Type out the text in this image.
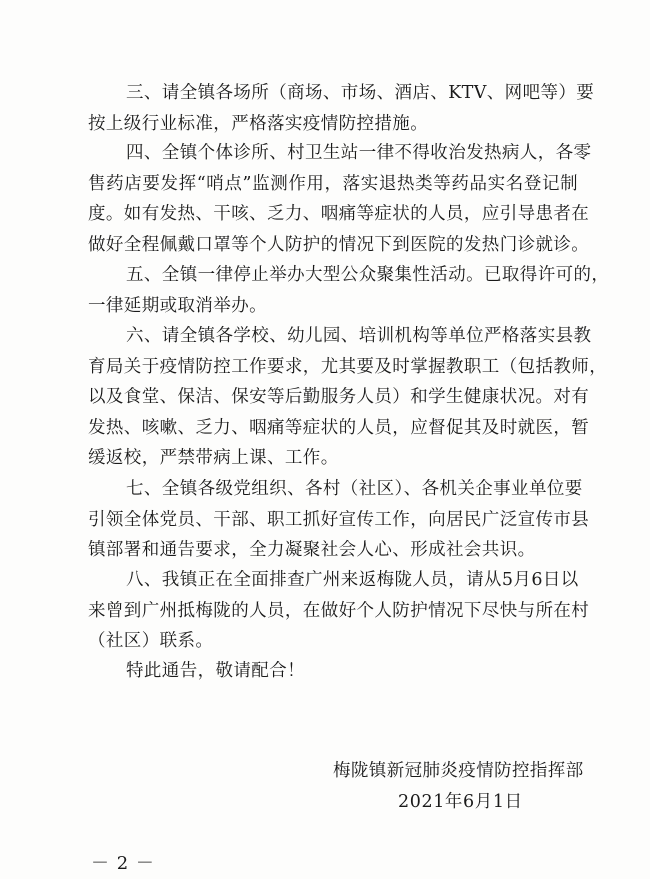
三、请全镇各场所（商场、市场、酒店、KTV、网吧等）要
按上级行业标准，严格落实疫情防控措施。
四、全镇个体诊所、村卫生站一律不得收治发热病人，各零
售药店要发挥“哨点”监测作用，落实退热类等药品实名登记制
度。如有发热、干咳、乏力、咽痛等症状的人员，应引导患者在
做好全程佩戴口罩等个人防护的情况下到医院的发热门诊就诊。
五、全镇一律停止举办大型公众聚集性活动。已取得许可的，
一律延期或取消举办。
六、请全镇各学校、幼儿园、培训机构等单位严格落实县教
育局关于疫情防控工作要求，尤其要及时掌握教职工（包括教师，
以及食堂、保洁、保安等后勤服务人员）和学生健康状况。对有
发热、咳嗽、乏力、咽痛等症状的人员，应督促其及时就医，暂
缓返校，严禁带病上课、工作。
七、全镇各级党组织、各村（社区）、各机关企事业单位要
引领全体党员、干部、职工抓好宣传工作，向居民广泛宣传市县
镇部署和通告要求，全力凝聚社会人心、形成社会共识。
八、我镇正在全面排查广州来返梅陇人员，请从5月6日以
来曾到广州抵梅陇的人员，在做好个人防护情况下尽快与所在村
（社区）联系。
特此通告，敬请配合！
梅陇镇新冠肺炎疫情防控指挥部
2021年6月1日
－ 2 －
